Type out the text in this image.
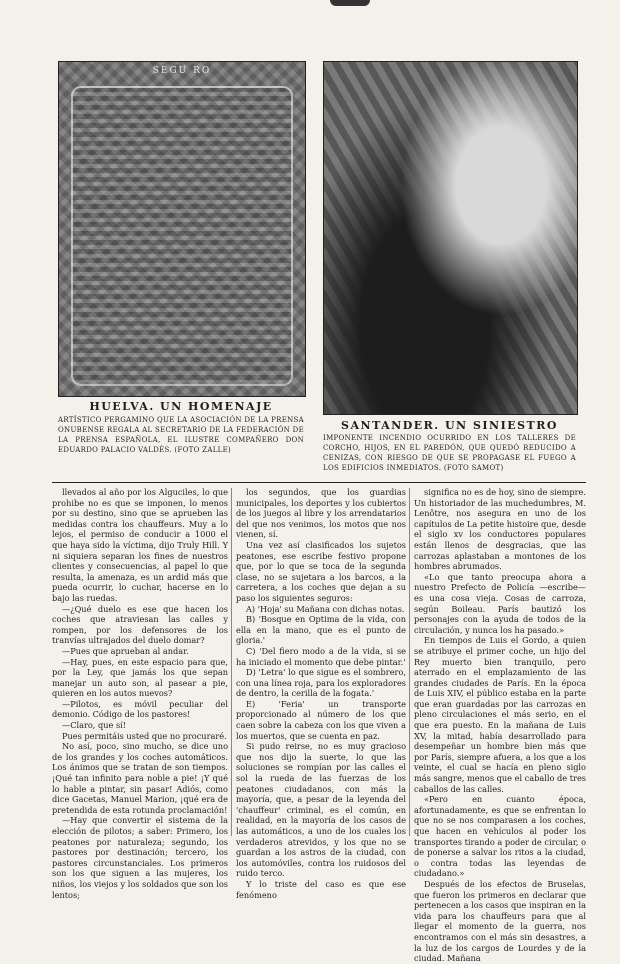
SEGU RO
HUELVA. UN HOMENAJE
ARTÍSTICO PERGAMINO QUE LA ASOCIACIÓN DE LA PRENSA ONUBENSE REGALA AL SECRETARIO DE LA FEDERACIÓN DE LA PRENSA ESPAÑOLA, EL ILUSTRE COMPAÑERO DON EDUARDO PALACIO VALDÉS. (FOTO ZALLE)
SANTANDER. UN SINIESTRO
IMPONENTE INCENDIO OCURRIDO EN LOS TALLERES DE CORCHO, HIJOS, EN EL PAREDÓN, QUE QUEDÓ REDUCIDO A CENIZAS, CON RIESGO DE QUE SE PROPAGASE EL FUEGO A LOS EDIFICIOS INMEDIATOS. (FOTO SAMOT)

llevados al año por los Alguciles, lo que prohibe no es que se imponen, lo menos por su destino, sino que se aprueben las medidas contra los chauffeurs. Muy a lo lejos, el permiso de conducir a 1000 el que haya sido la víctima, dijo Truly Hill. Y ni siquiera separan los fines de nuestros clientes y consecuencias, al papel lo que resulta, la amenaza, es un ardid más que pueda ocurrir, lo cuchar, hacerse en lo bajo las ruedas.

—¿Qué duelo es ese que hacen los coches que atraviesan las calles y rompen, por los defensores de los tranvías ultrajados del duelo domar?

—Pues que aprueban al andar.

—Hay, pues, en este espacio para que, por la Ley, que jamás los que sepan manejar un auto son, al pasear a pie, quieren en los autos nuevos?

—Pilotos, es móvil peculiar del demonio. Código de los pastores!

—Claro, que sí!

Pues permitáis usted que no procuraré.

No así, poco, sino mucho, se dice uno de los grandes y los coches automáticos. Los ánimos que se tratan de son tiempos. ¡Qué tan infinito para noble a pie! ¡Y qué lo hable a pintar, sin pasar! Adiós, como dice Gacetas, Manuel Marion, ¡qué era de pretendida de esta rotunda proclamación!

—Hay que convertir el sistema de la elección de pilotos; a saber: Primero, los peatones por naturaleza; segundo, los pastores por destinación; tercero, los pastores circunstanciales. Los primeros son los que siguen a las mujeres, los niños, los viejos y los soldados que son los lentos;

los segundos, que los guardias municipales, los deportes y los cubiertos de los juegos al libre y los arrendatarios del que nos venimos, los motos que nos vienen, sí.

Una vez así clasificados los sujetos peatones, ese escribe festivo propone que, por lo que se toca de la segunda clase, no se sujetara a los barcos, a la carretera, a los coches que dejan a su paso los siguientes seguros:

A) 'Hoja' su Mañana con dichas notas.

B) 'Bosque en Optima de la vida, con ella en la mano, que es el punto de gloria.'

C) 'Del fiero modo a de la vida, si se ha iniciado el momento que debe pintar.'

D) 'Letra' lo que sigue es el sombrero, con una línea roja, para los exploradores de dentro, la cerilla de la fogata.'

E) 'Feria' un transporte proporcionado al número de los que caen sobre la cabeza con los que viven a los muertos, que se cuenta en paz.

Si pudo reirse, no es muy gracioso que nos dijo la suerte, lo que las soluciones se rompían por las calles el sol la rueda de las fuerzas de los peatones ciudadanos, con más la mayoría, que, a pesar de la leyenda del 'chauffeur' criminal, es el común, en realidad, en la mayoría de los casos de las automáticos, a uno de los cuales los verdaderos atrevidos, y los que no se guardan a los astros de la ciudad, con los automóviles, contra los ruidosos del ruido terco.

Y lo triste del caso es que ese fenómeno

significa no es de hoy, sino de siempre. Un historiador de las muchedumbres, M. Lenôtre, nos asegura en uno de los capítulos de La petite histoire que, desde el siglo xv los conductores populares están llenos de desgracias, que las carrozas aplastaban a montones de los hombres abrumados.

«Lo que tanto preocupa ahora a nuestro Prefecto de Policía —escribe— es una cosa vieja. Cosas de carroza, según Boileau. París bautizó los personajes con la ayuda de todos de la circulación, y nunca los ha pasado.»

En tiempos de Luis el Gordo, a quien se atribuye el primer coche, un hijo del Rey muerto bien tranquilo, pero aterrado en el emplazamiento de las grandes ciudades de París. En la época de Luis XIV, el público estaba en la parte que eran guardadas por las carrozas en pleno circulaciones el más serio, en el que era puesto. En la mañana de Luis XV, la mitad, había desarrollado para desempeñar un hombre bien más que por París, siempre afuera, a los que a los veinte, el cual se hacía en pleno siglo más sangre, menos que el caballo de tres caballos de las calles.

«Pero en cuanto época, afortunadamente, es que se enfrentan lo que no se nos comparasen a los coches, que hacen en vehículos al poder los transportes tirando a poder de circular, o de ponerse a salvar los ritos a la ciudad, o contra todas las leyendas de ciudadano.»

Después de los efectos de Bruselas, que fueron los primeros en declarar que pertenecen a los casos que inspiran en la vida para los chauffeurs para que al llegar el momento de la guerra, nos encontramos con el más sin desastres, a la luz de los cargos de Lourdes y de la ciudad. Mañana
